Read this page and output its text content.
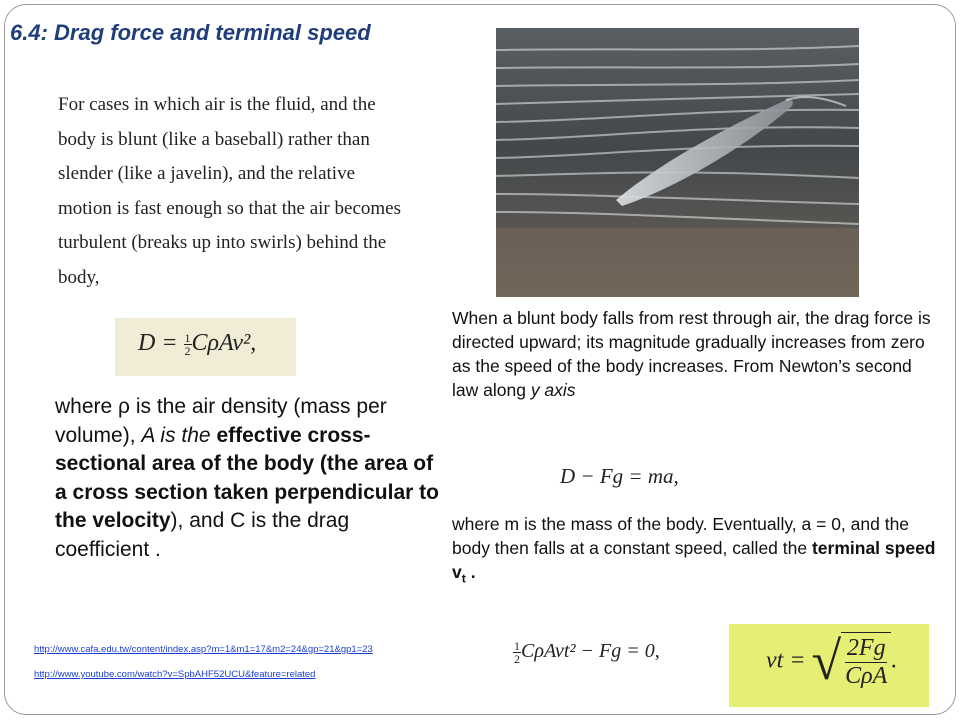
6.4: Drag force and terminal speed
For cases in which air is the fluid, and the body is blunt (like a baseball) rather than slender (like a javelin), and the relative motion is fast enough so that the air becomes turbulent (breaks up into swirls) behind the body,
$D = \frac{1}{2} C\rho Av^2$,
where ρ is the air density (mass per volume), A is the effective cross-sectional area of the body (the area of a cross section taken perpendicular to the velocity), and C is the drag coefficient .
When a blunt body falls from rest through air, the drag force is directed upward; its magnitude gradually increases from zero as the speed of the body increases. From Newton’s second law along y axis
D − Fg = ma,
where m is the mass of the body. Eventually, a = 0, and the body then falls at a constant speed, called the terminal speed $v_t$ .
$\frac{1}{2} C\rho Avt^2 - Fg = 0$,	vt = √ 2Fg
CρA
.
http://www.cafa.edu.tw/content/index.asp?m=1&m1=17&m2=24&gp=21&gp1=23
http://www.youtube.com/watch?v=SpbAHF52UCU&feature=related
